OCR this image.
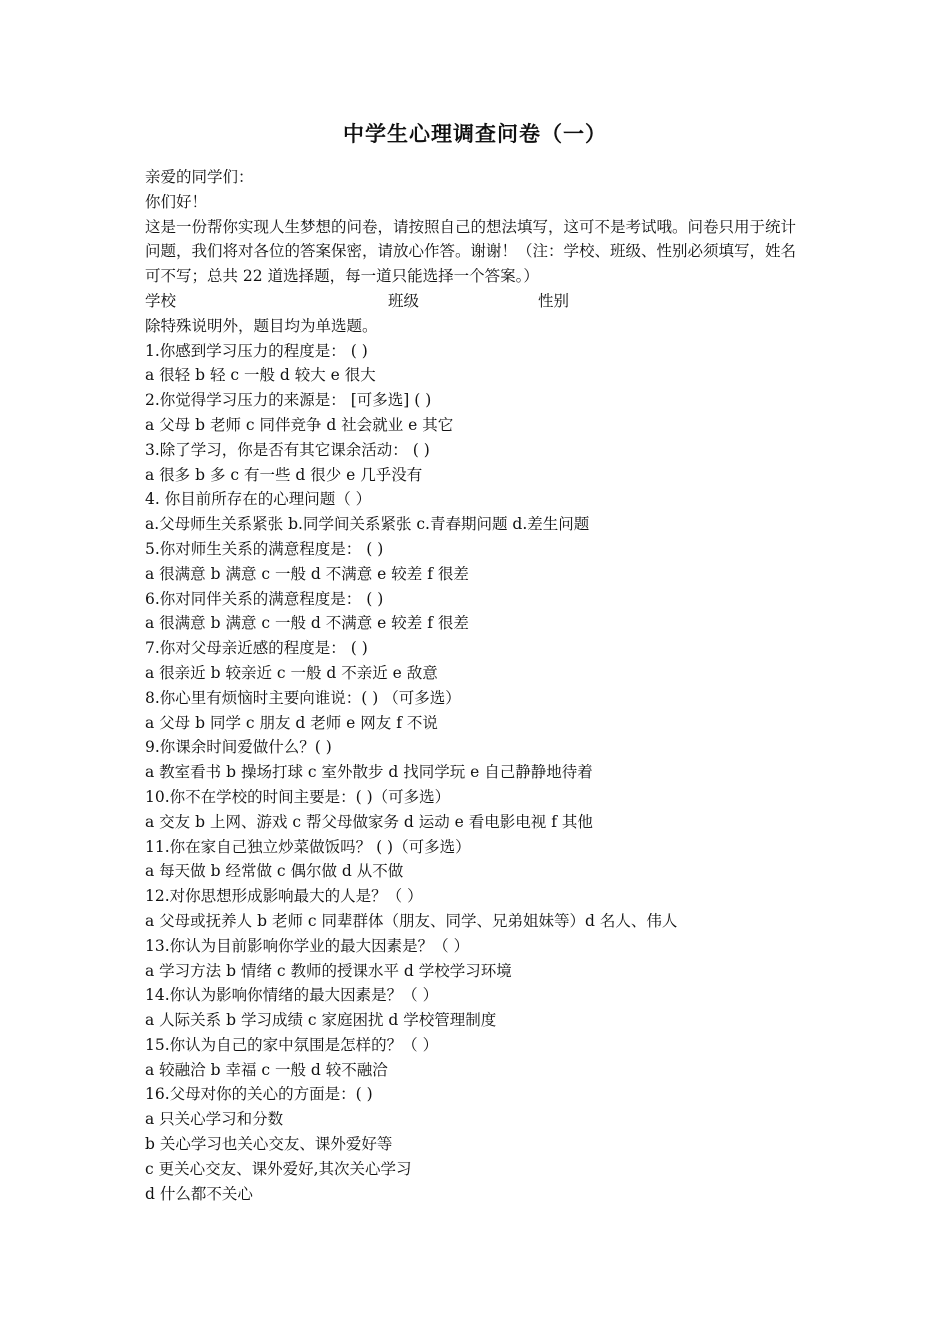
中学生心理调查问卷（一）
亲爱的同学们：
你们好！
这是一份帮你实现人生梦想的问卷，请按照自己的想法填写，这可不是考试哦。问卷只用于统计问题，我们将对各位的答案保密，请放心作答。谢谢！（注：学校、班级、性别必须填写，姓名可不写；总共 22 道选择题，每一道只能选择一个答案。）
学校	班级	性别
除特殊说明外，题目均为单选题。
1.你感到学习压力的程度是： ( )
a 很轻 b 轻 c 一般 d 较大 e 很大
2.你觉得学习压力的来源是： [可多选] ( )
a 父母 b 老师 c 同伴竞争 d 社会就业 e 其它
3.除了学习，你是否有其它课余活动： ( )
a 很多 b 多 c 有一些 d 很少 e 几乎没有
4. 你目前所存在的心理问题（ ）
a.父母师生关系紧张 b.同学间关系紧张 c.青春期问题 d.差生问题
5.你对师生关系的满意程度是： ( )
a 很满意 b 满意 c 一般 d 不满意 e 较差 f 很差
6.你对同伴关系的满意程度是： ( )
a 很满意 b 满意 c 一般 d 不满意 e 较差 f 很差
7.你对父母亲近感的程度是： ( )
a 很亲近 b 较亲近 c 一般 d 不亲近 e 敌意
8.你心里有烦恼时主要向谁说：( ) （可多选）
a 父母 b 同学 c 朋友 d 老师 e 网友 f 不说
9.你课余时间爱做什么？( )
a 教室看书 b 操场打球 c 室外散步 d 找同学玩 e 自己静静地待着
10.你不在学校的时间主要是：( )（可多选）
a 交友 b 上网、游戏 c 帮父母做家务 d 运动 e 看电影电视 f 其他
11.你在家自己独立炒菜做饭吗？ ( )（可多选）
a 每天做 b 经常做 c 偶尔做 d 从不做
12.对你思想形成影响最大的人是？（ ）
a 父母或抚养人 b 老师 c 同辈群体（朋友、同学、兄弟姐妹等）d 名人、伟人
13.你认为目前影响你学业的最大因素是？（ ）
a 学习方法 b 情绪 c 教师的授课水平 d 学校学习环境
14.你认为影响你情绪的最大因素是？（ ）
a 人际关系 b 学习成绩 c 家庭困扰 d 学校管理制度
15.你认为自己的家中氛围是怎样的？（ ）
a 较融洽 b 幸福 c 一般 d 较不融洽
16.父母对你的关心的方面是：( )
a 只关心学习和分数
b 关心学习也关心交友、课外爱好等
c 更关心交友、课外爱好,其次关心学习
d 什么都不关心
